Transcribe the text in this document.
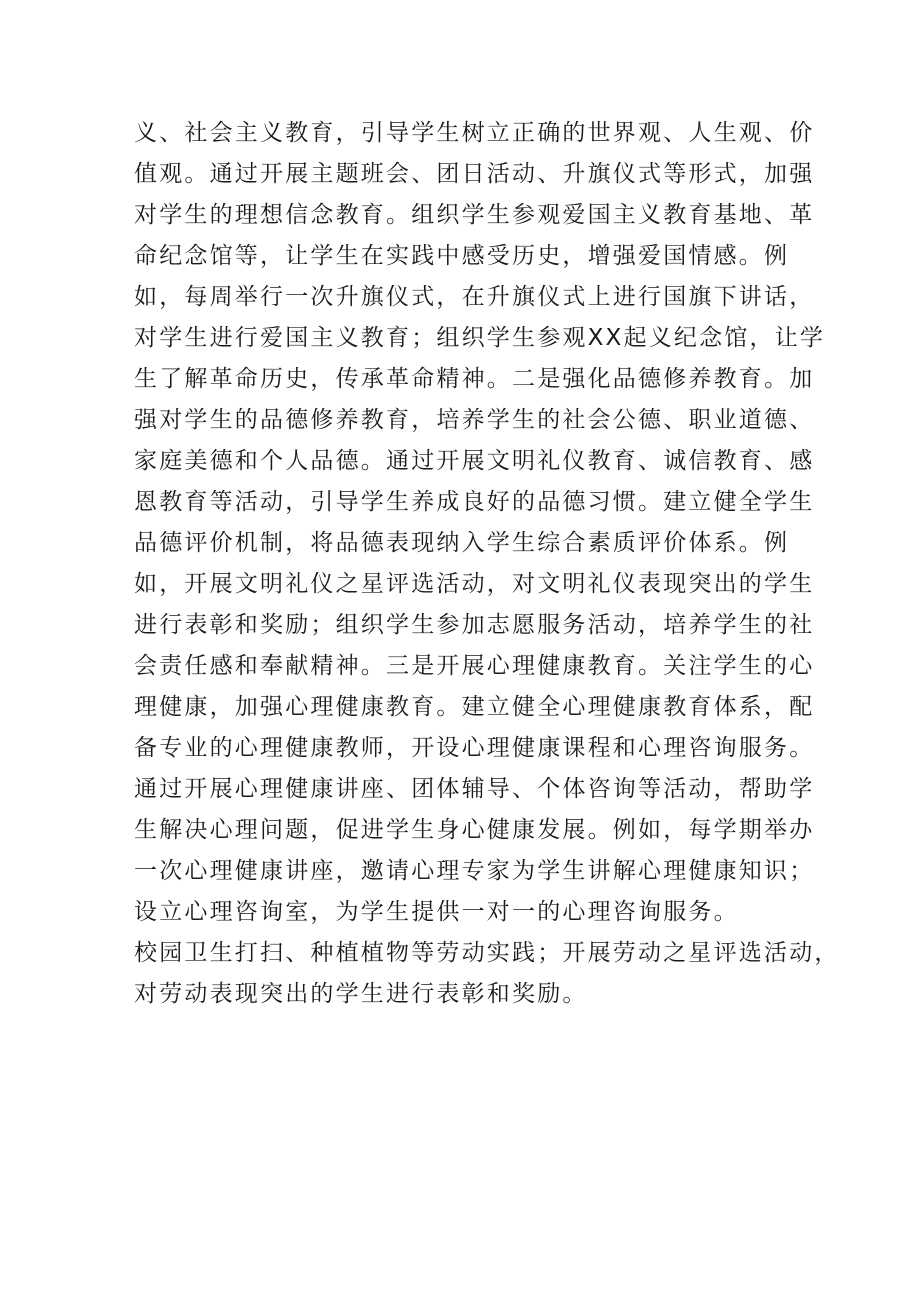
义、社会主义教育，引导学生树立正确的世界观、人生观、价
值观。通过开展主题班会、团日活动、升旗仪式等形式，加强
对学生的理想信念教育。组织学生参观爱国主义教育基地、革
命纪念馆等，让学生在实践中感受历史，增强爱国情感。例
如，每周举行一次升旗仪式，在升旗仪式上进行国旗下讲话，
对学生进行爱国主义教育；组织学生参观XX起义纪念馆，让学
生了解革命历史，传承革命精神。二是强化品德修养教育。加
强对学生的品德修养教育，培养学生的社会公德、职业道德、
家庭美德和个人品德。通过开展文明礼仪教育、诚信教育、感
恩教育等活动，引导学生养成良好的品德习惯。建立健全学生
品德评价机制，将品德表现纳入学生综合素质评价体系。例
如，开展文明礼仪之星评选活动，对文明礼仪表现突出的学生
进行表彰和奖励；组织学生参加志愿服务活动，培养学生的社
会责任感和奉献精神。三是开展心理健康教育。关注学生的心
理健康，加强心理健康教育。建立健全心理健康教育体系，配
备专业的心理健康教师，开设心理健康课程和心理咨询服务。
通过开展心理健康讲座、团体辅导、个体咨询等活动，帮助学
生解决心理问题，促进学生身心健康发展。例如，每学期举办
一次心理健康讲座，邀请心理专家为学生讲解心理健康知识；
设立心理咨询室，为学生提供一对一的心理咨询服务。
校园卫生打扫、种植植物等劳动实践；开展劳动之星评选活动，
对劳动表现突出的学生进行表彰和奖励。
